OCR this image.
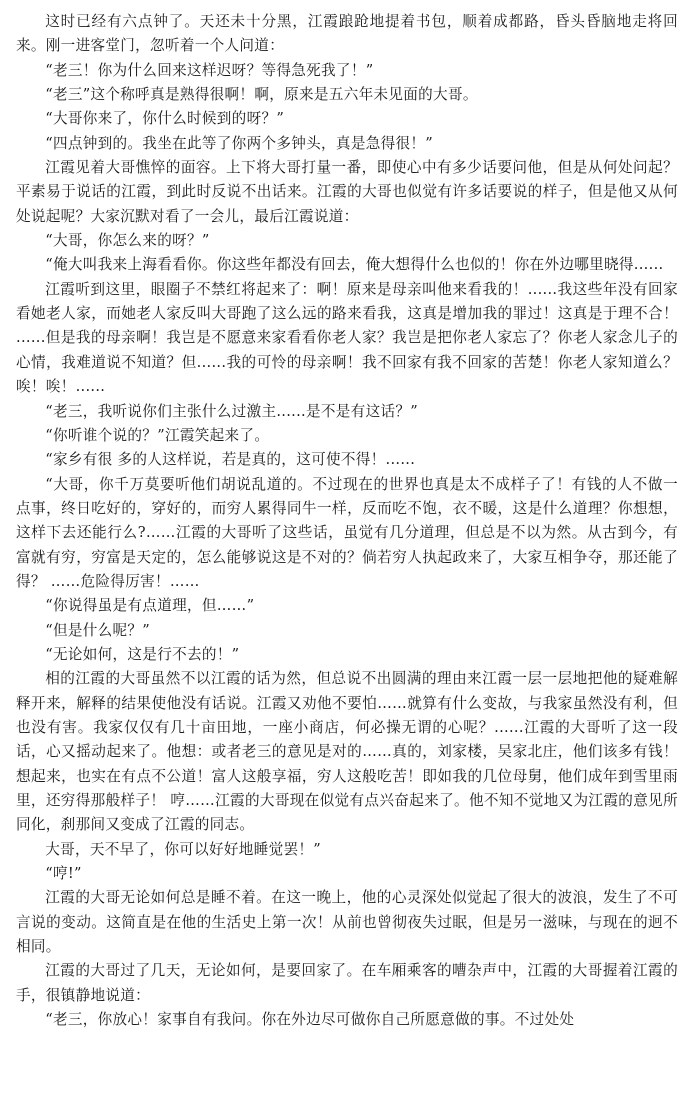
这时已经有六点钟了。天还未十分黑，江霞踉跄地提着书包，顺着成都路，昏头昏脑地走将回来。刚一进客堂门，忽听着一个人问道：

“老三！你为什么回来这样迟呀？等得急死我了！”

“老三”这个称呼真是熟得很啊！啊，原来是五六年未见面的大哥。

“大哥你来了，你什么时候到的呀？”

“四点钟到的。我坐在此等了你两个多钟头，真是急得很！”

江霞见着大哥憔悴的面容。上下将大哥打量一番，即使心中有多少话要问他，但是从何处问起？平素易于说话的江霞，到此时反说不出话来。江霞的大哥也似觉有许多话要说的样子，但是他又从何处说起呢？大家沉默对看了一会儿，最后江霞说道：

“大哥，你怎么来的呀？”

“俺大叫我来上海看看你。你这些年都没有回去，俺大想得什么也似的！你在外边哪里晓得......

江霞听到这里，眼圈子不禁红将起来了：啊！原来是母亲叫他来看我的！......我这些年没有回家看她老人家，而她老人家反叫大哥跑了这么远的路来看我，这真是增加我的罪过！这真是于理不合！ ......但是我的母亲啊！我岂是不愿意来家看看你老人家？我岂是把你老人家忘了？你老人家念儿子的心情，我难道说不知道？但......我的可怜的母亲啊！我不回家有我不回家的苦楚！你老人家知道么？唉！唉！......

“老三，我听说你们主张什么过激主......是不是有这话？”

“你听谁个说的？”江霞笑起来了。

“家乡有很 多的人这样说，若是真的，这可使不得！......

“大哥，你千万莫要听他们胡说乱道的。不过现在的世界也真是太不成样子了！有钱的人不做一点事，终日吃好的，穿好的，而穷人累得同牛一样，反而吃不饱，衣不暖，这是什么道理？你想想，这样下去还能行么?……江霞的大哥听了这些话，虽觉有几分道理，但总是不以为然。从古到今，有富就有穷，穷富是天定的，怎么能够说这是不对的？倘若穷人执起政来了，大家互相争夺，那还能了得？ ……危险得厉害！……

“你说得虽是有点道理，但……”

“但是什么呢？”

“无论如何，这是行不去的！”

相的江霞的大哥虽然不以江霞的话为然，但总说不出圆满的理由来江霞一层一层地把他的疑难解释开来，解释的结果使他没有话说。江霞又劝他不要怕……就算有什么变故，与我家虽然没有利，但也没有害。我家仅仅有几十亩田地，一座小商店，何必操无谓的心呢？......江霞的大哥听了这一段话，心又摇动起来了。他想：或者老三的意见是对的……真的，刘家楼，吴家北庄，他们该多有钱！想起来，也实在有点不公道！富人这般享福，穷人这般吃苦！即如我的几位母舅，他们成年到雪里雨里，还穷得那般样子！ 哼……江霞的大哥现在似觉有点兴奋起来了。他不知不觉地又为江霞的意见所同化，刹那间又变成了江霞的同志。

大哥，天不早了，你可以好好地睡觉罢！”

“哼!”

江霞的大哥无论如何总是睡不着。在这一晚上，他的心灵深处似觉起了很大的波浪，发生了不可言说的变动。这简直是在他的生活史上第一次！从前也曾彻夜失过眠，但是另一滋味，与现在的迥不相同。

江霞的大哥过了几天，无论如何，是要回家了。在车厢乘客的嘈杂声中，江霞的大哥握着江霞的手，很镇静地说道：

“老三，你放心！家事自有我问。你在外边尽可做你自己所愿意做的事。不过处处
